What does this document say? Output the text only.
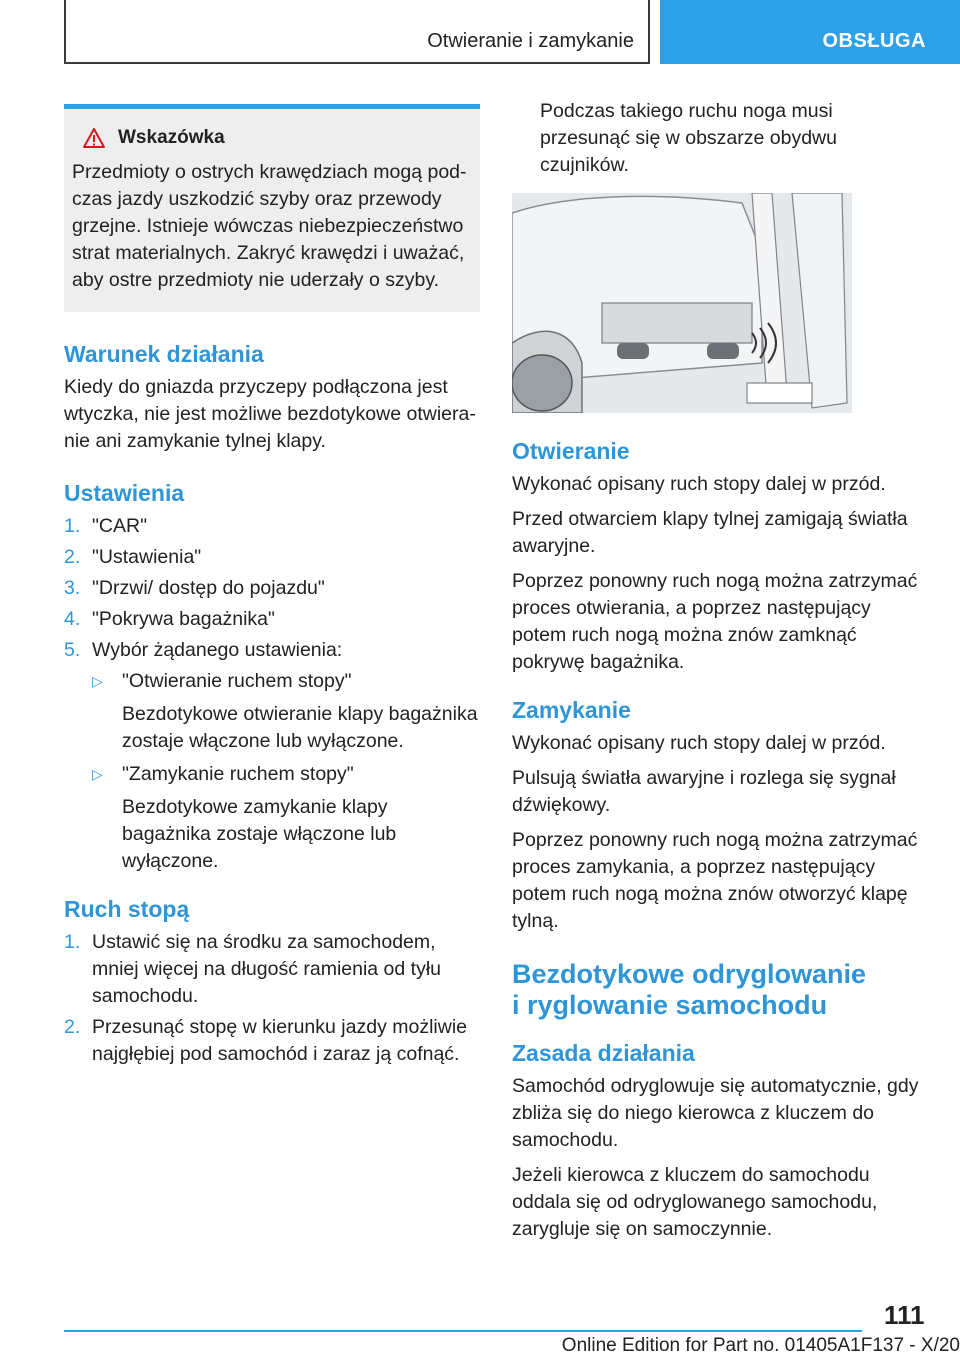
Otwieranie i zamykanie	OBSŁUGA
Wskazówka
Przedmioty o ostrych krawędziach mogą podczas jazdy uszkodzić szyby oraz przewody grzejne. Istnieje wówczas niebezpieczeństwo strat materialnych. Zakryć krawędzi i uważać, aby ostre przedmioty nie uderzały o szyby.
Warunek działania

Kiedy do gniazda przyczepy podłączona jest wtyczka, nie jest możliwe bezdotykowe otwieranie ani zamykanie tylnej klapy.

Ustawienia
1. "CAR"
2. "Ustawienia"
3. "Drzwi/ dostęp do pojazdu"
4. "Pokrywa bagażnika"
5. Wybór żądanego ustawienia:
▷ "Otwieranie ruchem stopy"
Bezdotykowe otwieranie klapy bagażnika zostaje włączone lub wyłączone.
▷ "Zamykanie ruchem stopy"
Bezdotykowe zamykanie klapy bagażnika zostaje włączone lub wyłączone.
Ruch stopą
1. Ustawić się na środku za samochodem, mniej więcej na długość ramienia od tyłu samochodu.
2. Przesunąć stopę w kierunku jazdy możliwie najgłębiej pod samochód i zaraz ją cofnąć.

Podczas takiego ruchu noga musi przesunąć się w obszarze obydwu czujników.

Otwieranie

Wykonać opisany ruch stopy dalej w przód.

Przed otwarciem klapy tylnej zamigają światła awaryjne.

Poprzez ponowny ruch nogą można zatrzymać proces otwierania, a poprzez następujący potem ruch nogą można znów zamknąć pokrywę bagażnika.

Zamykanie

Wykonać opisany ruch stopy dalej w przód.

Pulsują światła awaryjne i rozlega się sygnał dźwiękowy.

Poprzez ponowny ruch nogą można zatrzymać proces zamykania, a poprzez następujący potem ruch nogą można znów otworzyć klapę tylną.

Bezdotykowe odryglowanie
i ryglowanie samochodu
Zasada działania

Samochód odryglowuje się automatycznie, gdy zbliża się do niego kierowca z kluczem do samochodu.

Jeżeli kierowca z kluczem do samochodu oddala się od odryglowanego samochodu, zarygluje się on samoczynnie.

111
Online Edition for Part no. 01405A1F137 - X/20
